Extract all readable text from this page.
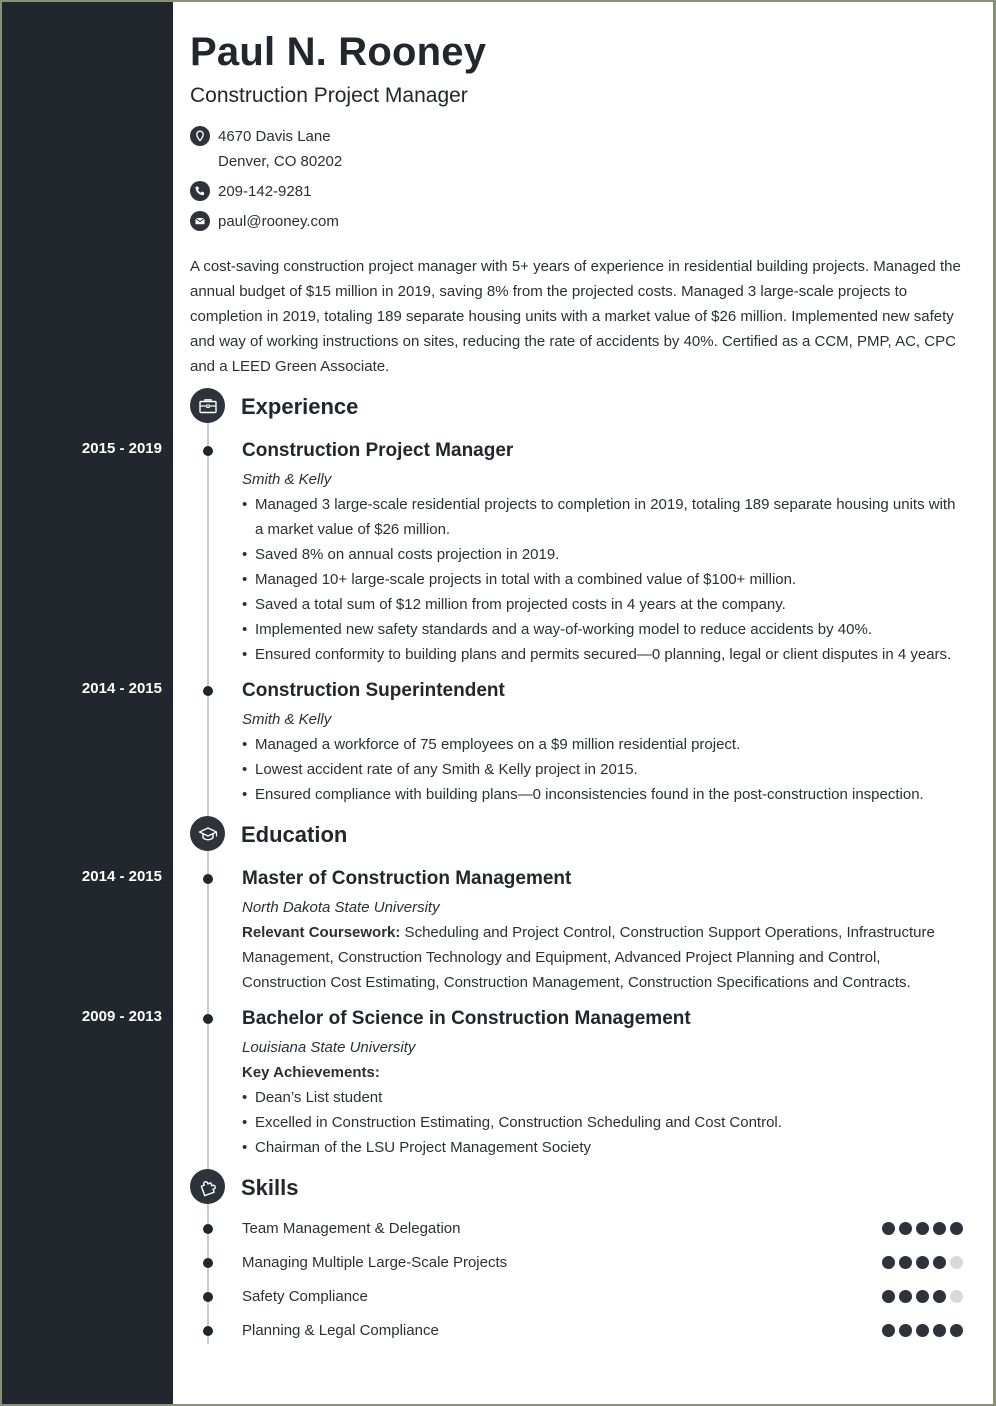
Paul N. Rooney
Construction Project Manager
4670 Davis Lane
Denver, CO 80202
209-142-9281
paul@rooney.com

A cost-saving construction project manager with 5+ years of experience in residential building projects. Managed the annual budget of $15 million in 2019, saving 8% from the projected costs. Managed 3 large-scale projects to completion in 2019, totaling 189 separate housing units with a market value of $26 million. Implemented new safety and way of working instructions on sites, reducing the rate of accidents by 40%. Certified as a CCM, PMP, AC, CPC and a LEED Green Associate.

Experience
2015 - 2019	Construction Project Manager
Smith & Kelly
• Managed 3 large-scale residential projects to completion in 2019, totaling 189 separate housing units with a market value of $26 million.
• Saved 8% on annual costs projection in 2019.
• Managed 10+ large-scale projects in total with a combined value of $100+ million.
• Saved a total sum of $12 million from projected costs in 4 years at the company.
• Implemented new safety standards and a way-of-working model to reduce accidents by 40%.
• Ensured conformity to building plans and permits secured—0 planning, legal or client disputes in 4 years.
2014 - 2015	Construction Superintendent
Smith & Kelly
• Managed a workforce of 75 employees on a $9 million residential project.
• Lowest accident rate of any Smith & Kelly project in 2015.
• Ensured compliance with building plans—0 inconsistencies found in the post-construction inspection.
Education
2014 - 2015	Master of Construction Management
North Dakota State University

Relevant Coursework: Scheduling and Project Control, Construction Support Operations, Infrastructure Management, Construction Technology and Equipment, Advanced Project Planning and Control, Construction Cost Estimating, Construction Management, Construction Specifications and Contracts.

2009 - 2013	Bachelor of Science in Construction Management
Louisiana State University

Key Achievements:

• Dean’s List student
• Excelled in Construction Estimating, Construction Scheduling and Cost Control.
• Chairman of the LSU Project Management Society
Skills
Team Management & Delegation
Managing Multiple Large-Scale Projects
Safety Compliance
Planning & Legal Compliance
